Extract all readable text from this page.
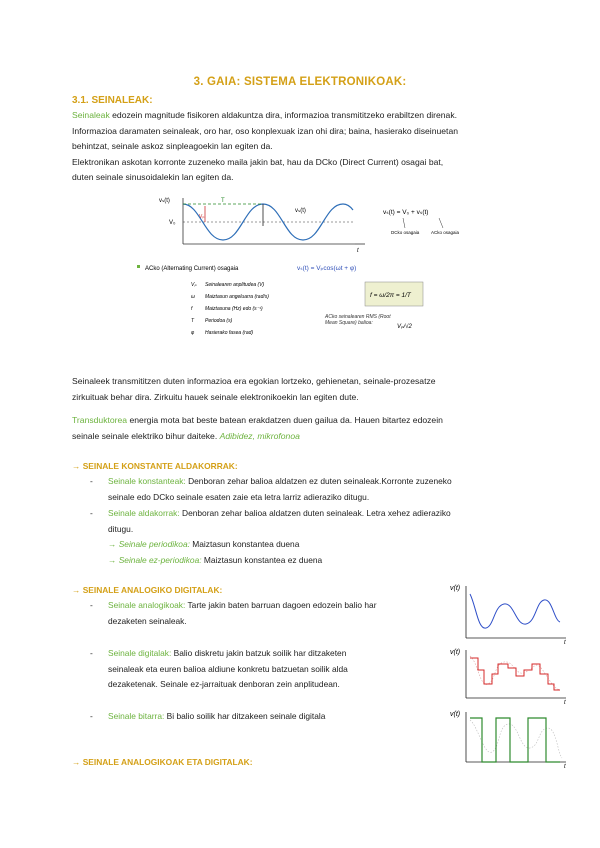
3. GAIA: SISTEMA ELEKTRONIKOAK:
3.1. SEINALEAK:
Seinaleak edozein magnitude fisikoren aldakuntza dira, informazioa transmititzeko erabiltzen direnak.
Informazioa daramaten seinaleak, oro har, oso konplexuak izan ohi dira; baina, hasierako diseinuetan
behintzat, seinale askoz sinpleagoekin lan egiten da.
Elektronikan askotan korronte zuzeneko maila jakin bat, hau da DCko (Direct Current) osagai bat,
duten seinale sinusoidalekin lan egiten da.
vₛ(t)
V₀
Vₚ
T
vₛ(t)
t
vₛ(t) = V₀ + vₛ(t)
DCko osagaia	ACko osagaia
ACko (Alternating Current) osagaia	vₛ(t) = Vₚcos(ωt + φ)
Vₚ Seinalearen anplitudea (V)
ω Maiztasun angeluarra (rad/s)
f	Maiztasuna (Hz) edo (s⁻¹)
T Periodoa (s)
φ Hasierako fasea (rad)
f = ω/2π = 1/T
ACko seinalearen RMS (Root Mean Square) balioa:
Vₚ/√2
Seinaleek transmititzen duten informazioa era egokian lortzeko, gehienetan, seinale-prozesatze
zirkuituak behar dira. Zirkuitu hauek seinale elektronikoekin lan egiten dute.
Transduktorea energia mota bat beste batean erakdatzen duen gailua da. Hauen bitartez edozein
seinale seinale elektriko bihur daiteke. Adibidez, mikrofonoa
→ SEINALE KONSTANTE ALDAKORRAK:
- Seinale konstanteak: Denboran zehar balioa aldatzen ez duten seinaleak.Korronte zuzeneko
seinale edo DCko seinale esaten zaie eta letra larriz adieraziko ditugu.
- Seinale aldakorrak: Denboran zehar balioa aldatzen duten seinaleak. Letra xehez adieraziko
ditugu.
→ Seinale periodikoa: Maiztasun konstantea duena
→ Seinale ez-periodikoa: Maiztasun konstantea ez duena
→ SEINALE ANALOGIKO DIGITALAK:
- Seinale analogikoak: Tarte jakin baten barruan dagoen edozein balio har
dezaketen seinaleak.
- Seinale digitalak: Balio diskretu jakin batzuk soilik har ditzaketen
seinaleak eta euren balioa aldiune konkretu batzuetan soilik alda
dezaketenak. Seinale ez-jarraituak denboran zein anplitudean.
- Seinale bitarra: Bi balio soilik har ditzakeen seinale digitala
v(t)
t
v(t)
t
v(t)
t
→ SEINALE ANALOGIKOAK ETA DIGITALAK:
